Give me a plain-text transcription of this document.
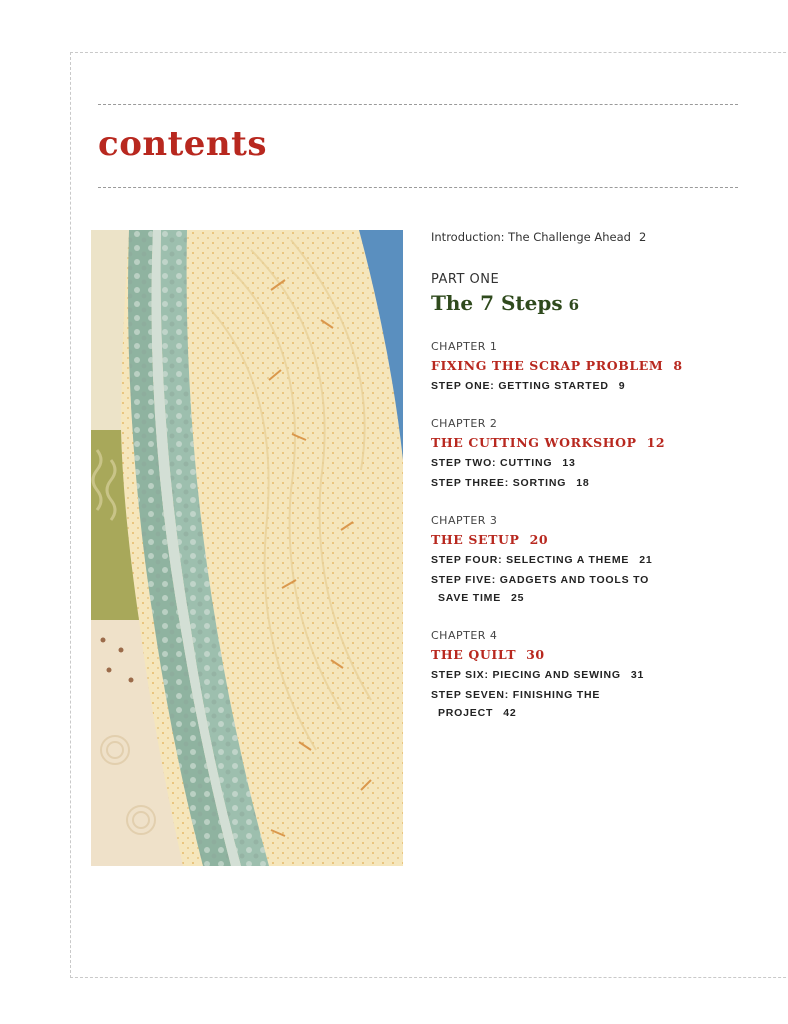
contents
Introduction: The Challenge Ahead 2
PART ONE
The 7 Steps 6
CHAPTER 1
FIXING THE SCRAP PROBLEM 8
STEP ONE: GETTING STARTED 9
CHAPTER 2
THE CUTTING WORKSHOP 12
STEP TWO: CUTTING 13
STEP THREE: SORTING 18
CHAPTER 3
THE SETUP 20
STEP FOUR: SELECTING A THEME 21
STEP FIVE: GADGETS AND TOOLS TO
SAVE TIME 25
CHAPTER 4
THE QUILT 30
STEP SIX: PIECING AND SEWING 31
STEP SEVEN: FINISHING THE
PROJECT 42
